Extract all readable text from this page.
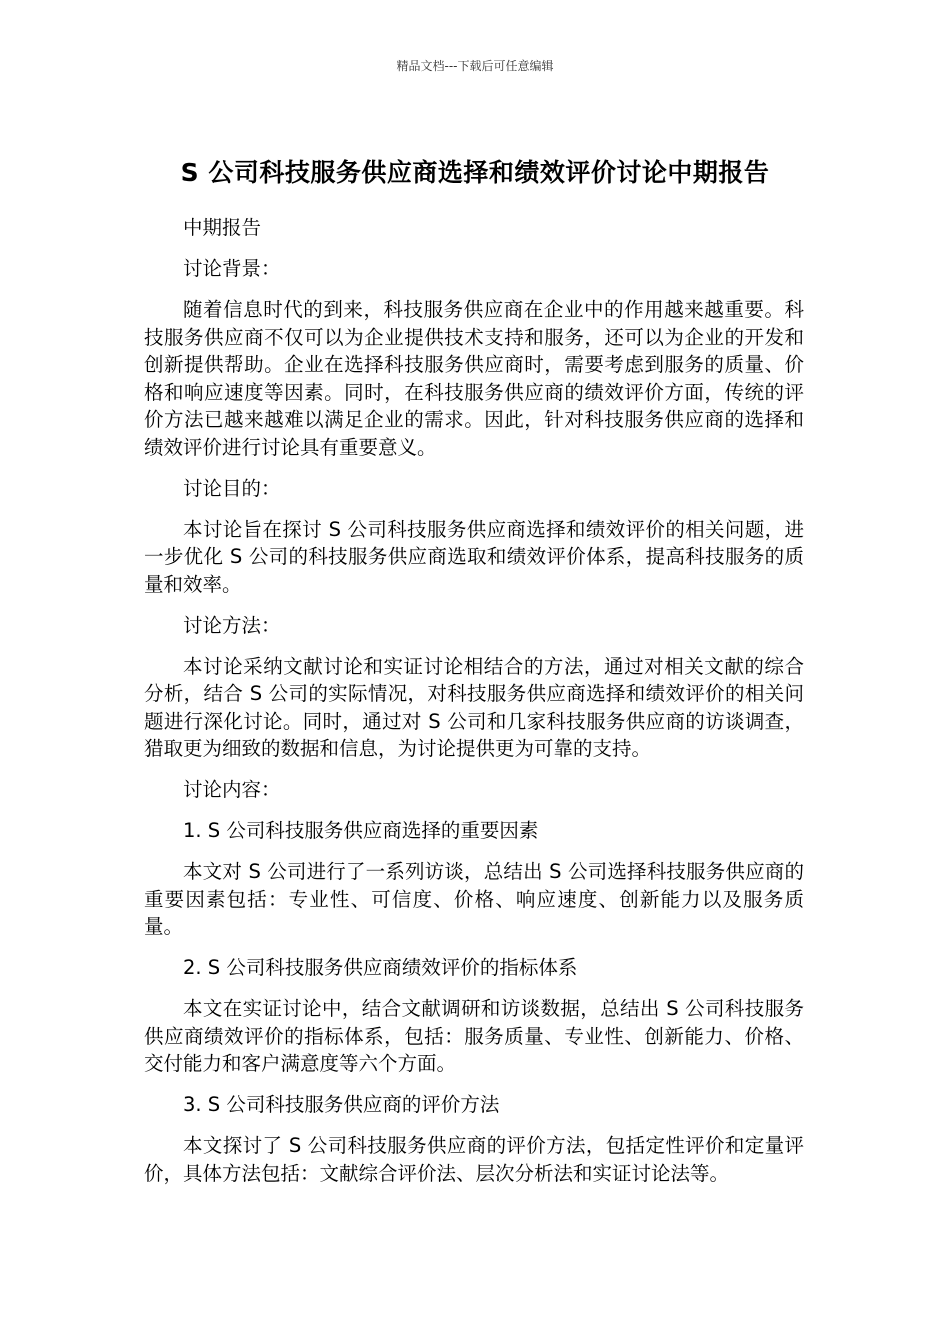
精品文档---下载后可任意编辑
S 公司科技服务供应商选择和绩效评价讨论中期报告

中期报告

讨论背景：

随着信息时代的到来，科技服务供应商在企业中的作用越来越重要。科技服务供应商不仅可以为企业提供技术支持和服务，还可以为企业的开发和创新提供帮助。企业在选择科技服务供应商时，需要考虑到服务的质量、价格和响应速度等因素。同时，在科技服务供应商的绩效评价方面，传统的评价方法已越来越难以满足企业的需求。因此，针对科技服务供应商的选择和绩效评价进行讨论具有重要意义。

讨论目的：

本讨论旨在探讨 S 公司科技服务供应商选择和绩效评价的相关问题，进一步优化 S 公司的科技服务供应商选取和绩效评价体系，提高科技服务的质量和效率。

讨论方法：

本讨论采纳文献讨论和实证讨论相结合的方法，通过对相关文献的综合分析，结合 S 公司的实际情况，对科技服务供应商选择和绩效评价的相关问题进行深化讨论。同时，通过对 S 公司和几家科技服务供应商的访谈调查，猎取更为细致的数据和信息，为讨论提供更为可靠的支持。

讨论内容：

1. S 公司科技服务供应商选择的重要因素

本文对 S 公司进行了一系列访谈，总结出 S 公司选择科技服务供应商的重要因素包括：专业性、可信度、价格、响应速度、创新能力以及服务质量。

2. S 公司科技服务供应商绩效评价的指标体系

本文在实证讨论中，结合文献调研和访谈数据，总结出 S 公司科技服务供应商绩效评价的指标体系，包括：服务质量、专业性、创新能力、价格、交付能力和客户满意度等六个方面。

3. S 公司科技服务供应商的评价方法

本文探讨了 S 公司科技服务供应商的评价方法，包括定性评价和定量评价，具体方法包括：文献综合评价法、层次分析法和实证讨论法等。
